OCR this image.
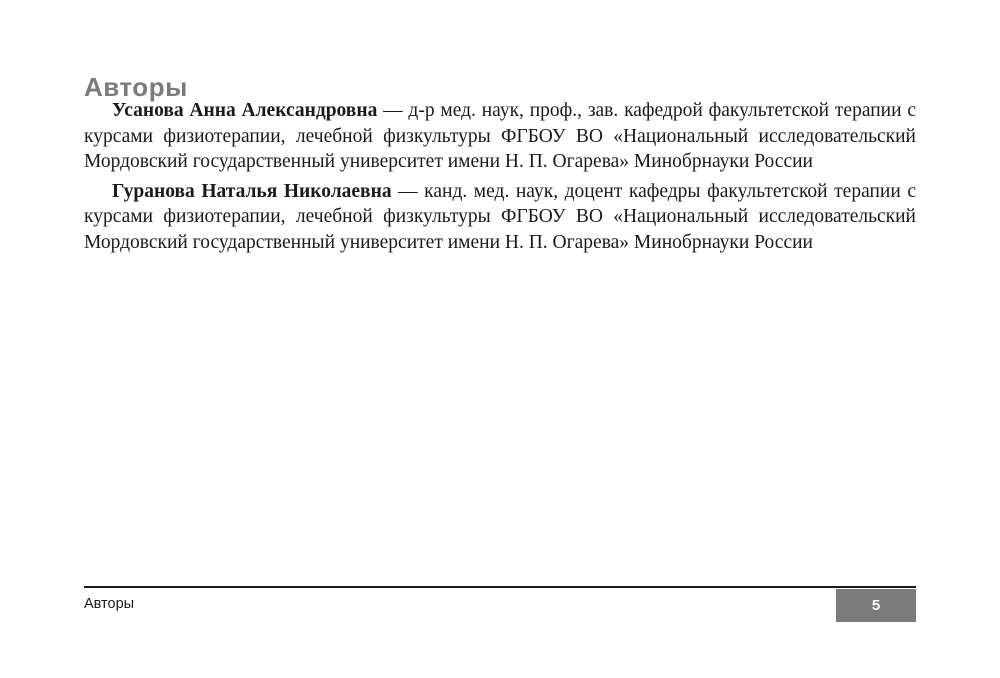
Авторы

Усанова Анна Александровна — д-р мед. наук, проф., зав. кафедрой факультетской терапии с курсами физиотерапии, лечебной физкультуры ФГБОУ ВО «Национальный исследовательский Мордовский государственный университет имени Н. П. Огарева» Минобрнауки России

Гуранова Наталья Николаевна — канд. мед. наук, доцент кафедры факультетской терапии с курсами физиотерапии, лечебной физкультуры ФГБОУ ВО «Национальный исследовательский Мордовский государственный университет имени Н. П. Огарева» Минобрнауки России

Авторы	5
